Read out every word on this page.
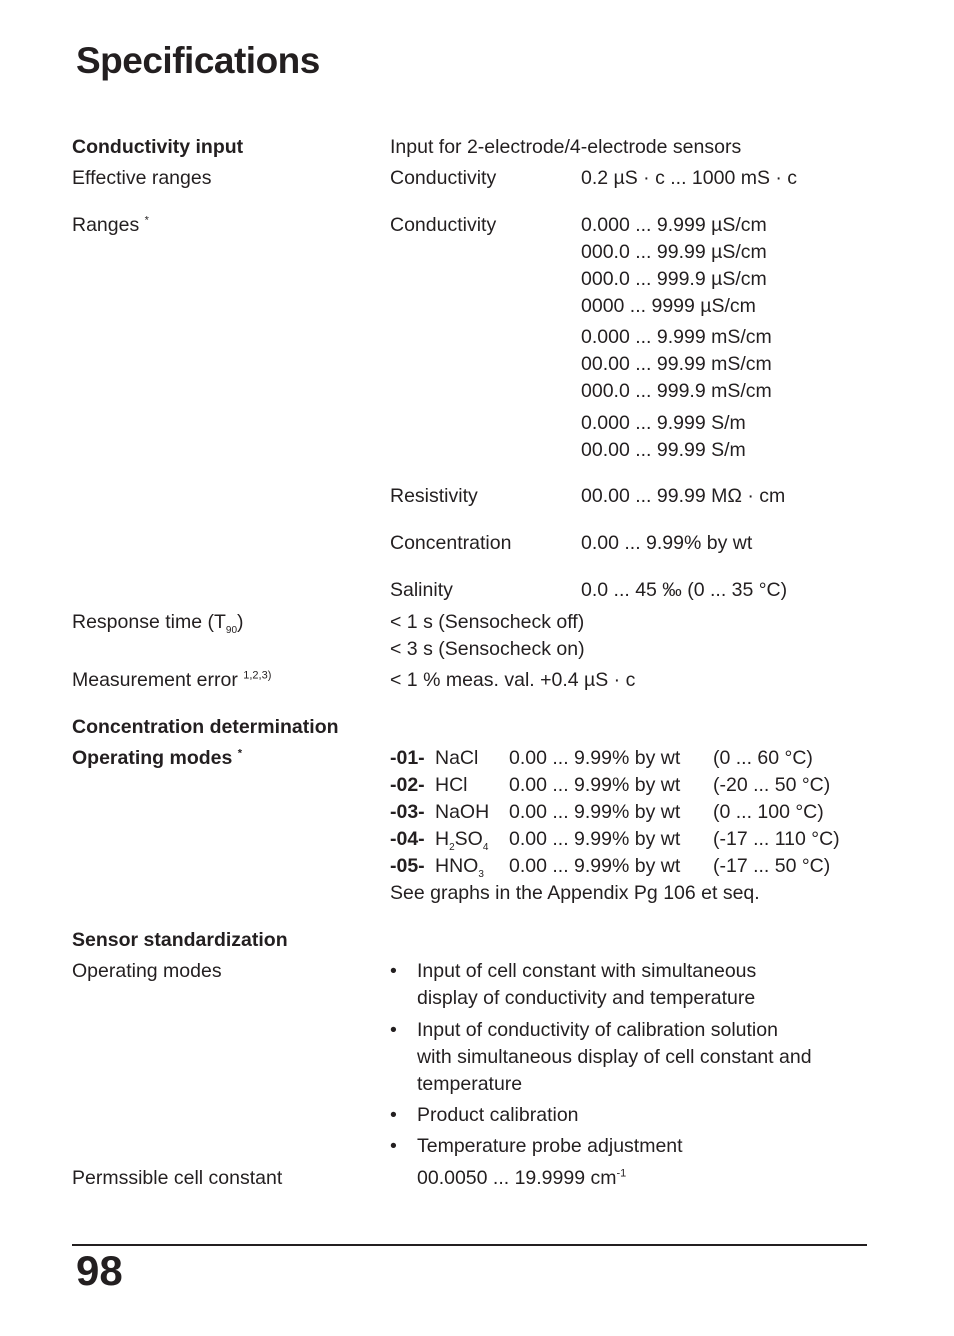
Specifications
Conductivity input	Input for 2-electrode/4-electrode sensors
Effective ranges	Conductivity	0.2 µS · c ... 1000 mS · c
Ranges *	Conductivity	0.000 ... 9.999 µS/cm
000.0 ... 99.99 µS/cm
000.0 ... 999.9 µS/cm
0000 ... 9999 µS/cm
0.000 ... 9.999 mS/cm
00.00 ... 99.99 mS/cm
000.0 ... 999.9 mS/cm
0.000 ... 9.999 S/m
00.00 ... 99.99 S/m
Resistivity	00.00 ... 99.99 MΩ · cm
Concentration	0.00 ... 9.99% by wt
Salinity	0.0 ... 45 ‰ (0 ... 35 °C)
Response time $(T_{90})$	< 1 s (Sensocheck off)
< 3 s (Sensocheck on)
Measurement error $^{1,2,3)}$	< 1 % meas. val. +0.4 µS · c
Concentration determination
Operating modes *	-01- NaCl 0.00 ... 9.99% by wt (0 ... 60 °C)
-02- HCl 0.00 ... 9.99% by wt (-20 ... 50 °C)
-03- NaOH 0.00 ... 9.99% by wt (0 ... 100 °C)
-04- $H_2SO_4$ 0.00 ... 9.99% by wt (-17 ... 110 °C)
-05- $HNO_3$ 0.00 ... 9.99% by wt (-17 ... 50 °C)
See graphs in the Appendix Pg 106 et seq.
Sensor standardization
Operating modes	• Input of cell constant with simultaneous
display of conductivity and temperature
• Input of conductivity of calibration solution
with simultaneous display of cell constant and
temperature
• Product calibration
• Temperature probe adjustment
Permssible cell constant	00.0050 ... 19.9999 $cm^{-1}$
98
